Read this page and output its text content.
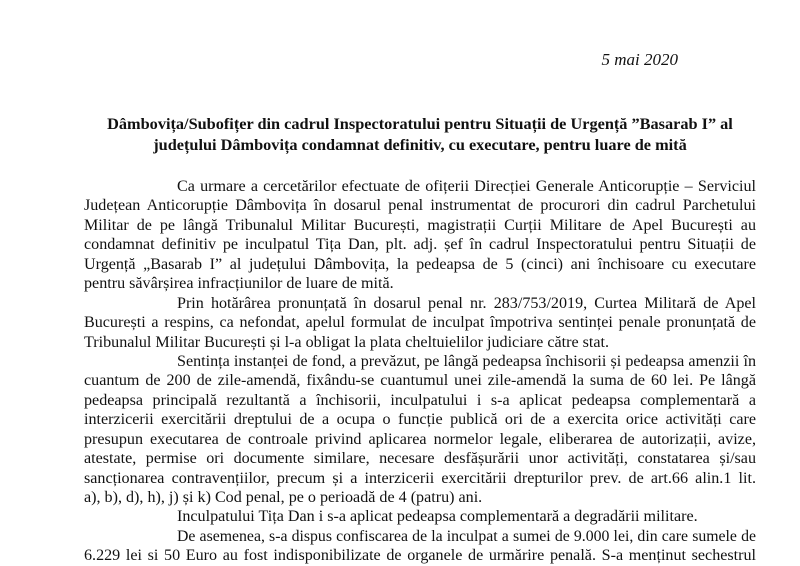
5 mai 2020
Dâmbovița/Subofițer din cadrul Inspectoratului pentru Situații de Urgență ”Basarab I” al
județului Dâmbovița condamnat definitiv, cu executare, pentru luare de mită
Ca urmare a cercetărilor efectuate de ofițerii Direcției Generale Anticorupție – Serviciul
Județean Anticorupție Dâmbovița în dosarul penal instrumentat de procurori din cadrul Parchetului
Militar de pe lângă Tribunalul Militar București, magistrații Curții Militare de Apel București au
condamnat definitiv pe inculpatul Tița Dan, plt. adj. șef în cadrul Inspectoratului pentru Situații de
Urgență „Basarab I” al județului Dâmbovița, la pedeapsa de 5 (cinci) ani închisoare cu executare
pentru săvârșirea infracțiunilor de luare de mită.
Prin hotărârea pronunțată în dosarul penal nr. 283/753/2019, Curtea Militară de Apel
București a respins, ca nefondat, apelul formulat de inculpat împotriva sentinței penale pronunțată de
Tribunalul Militar București și l-a obligat la plata cheltuielilor judiciare către stat.
Sentința instanței de fond, a prevăzut, pe lângă pedeapsa închisorii și pedeapsa amenzii în
cuantum de 200 de zile-amendă, fixându-se cuantumul unei zile-amendă la suma de 60 lei. Pe lângă
pedeapsa principală rezultantă a închisorii, inculpatului i s-a aplicat pedeapsa complementară a
interzicerii exercitării dreptului de a ocupa o funcție publică ori de a exercita orice activități care
presupun executarea de controale privind aplicarea normelor legale, eliberarea de autorizații, avize,
atestate, permise ori documente similare, necesare desfășurării unor activități, constatarea și/sau
sancționarea contravențiilor, precum și a interzicerii exercitării drepturilor prev. de art.66 alin.1 lit.
a), b), d), h), j) și k) Cod penal, pe o perioadă de 4 (patru) ani.
Inculpatului Tița Dan i s-a aplicat pedeapsa complementară a degradării militare.
De asemenea, s-a dispus confiscarea de la inculpat a sumei de 9.000 lei, din care sumele de
6.229 lei si 50 Euro au fost indisponibilizate de organele de urmărire penală. S-a menținut sechestrul
